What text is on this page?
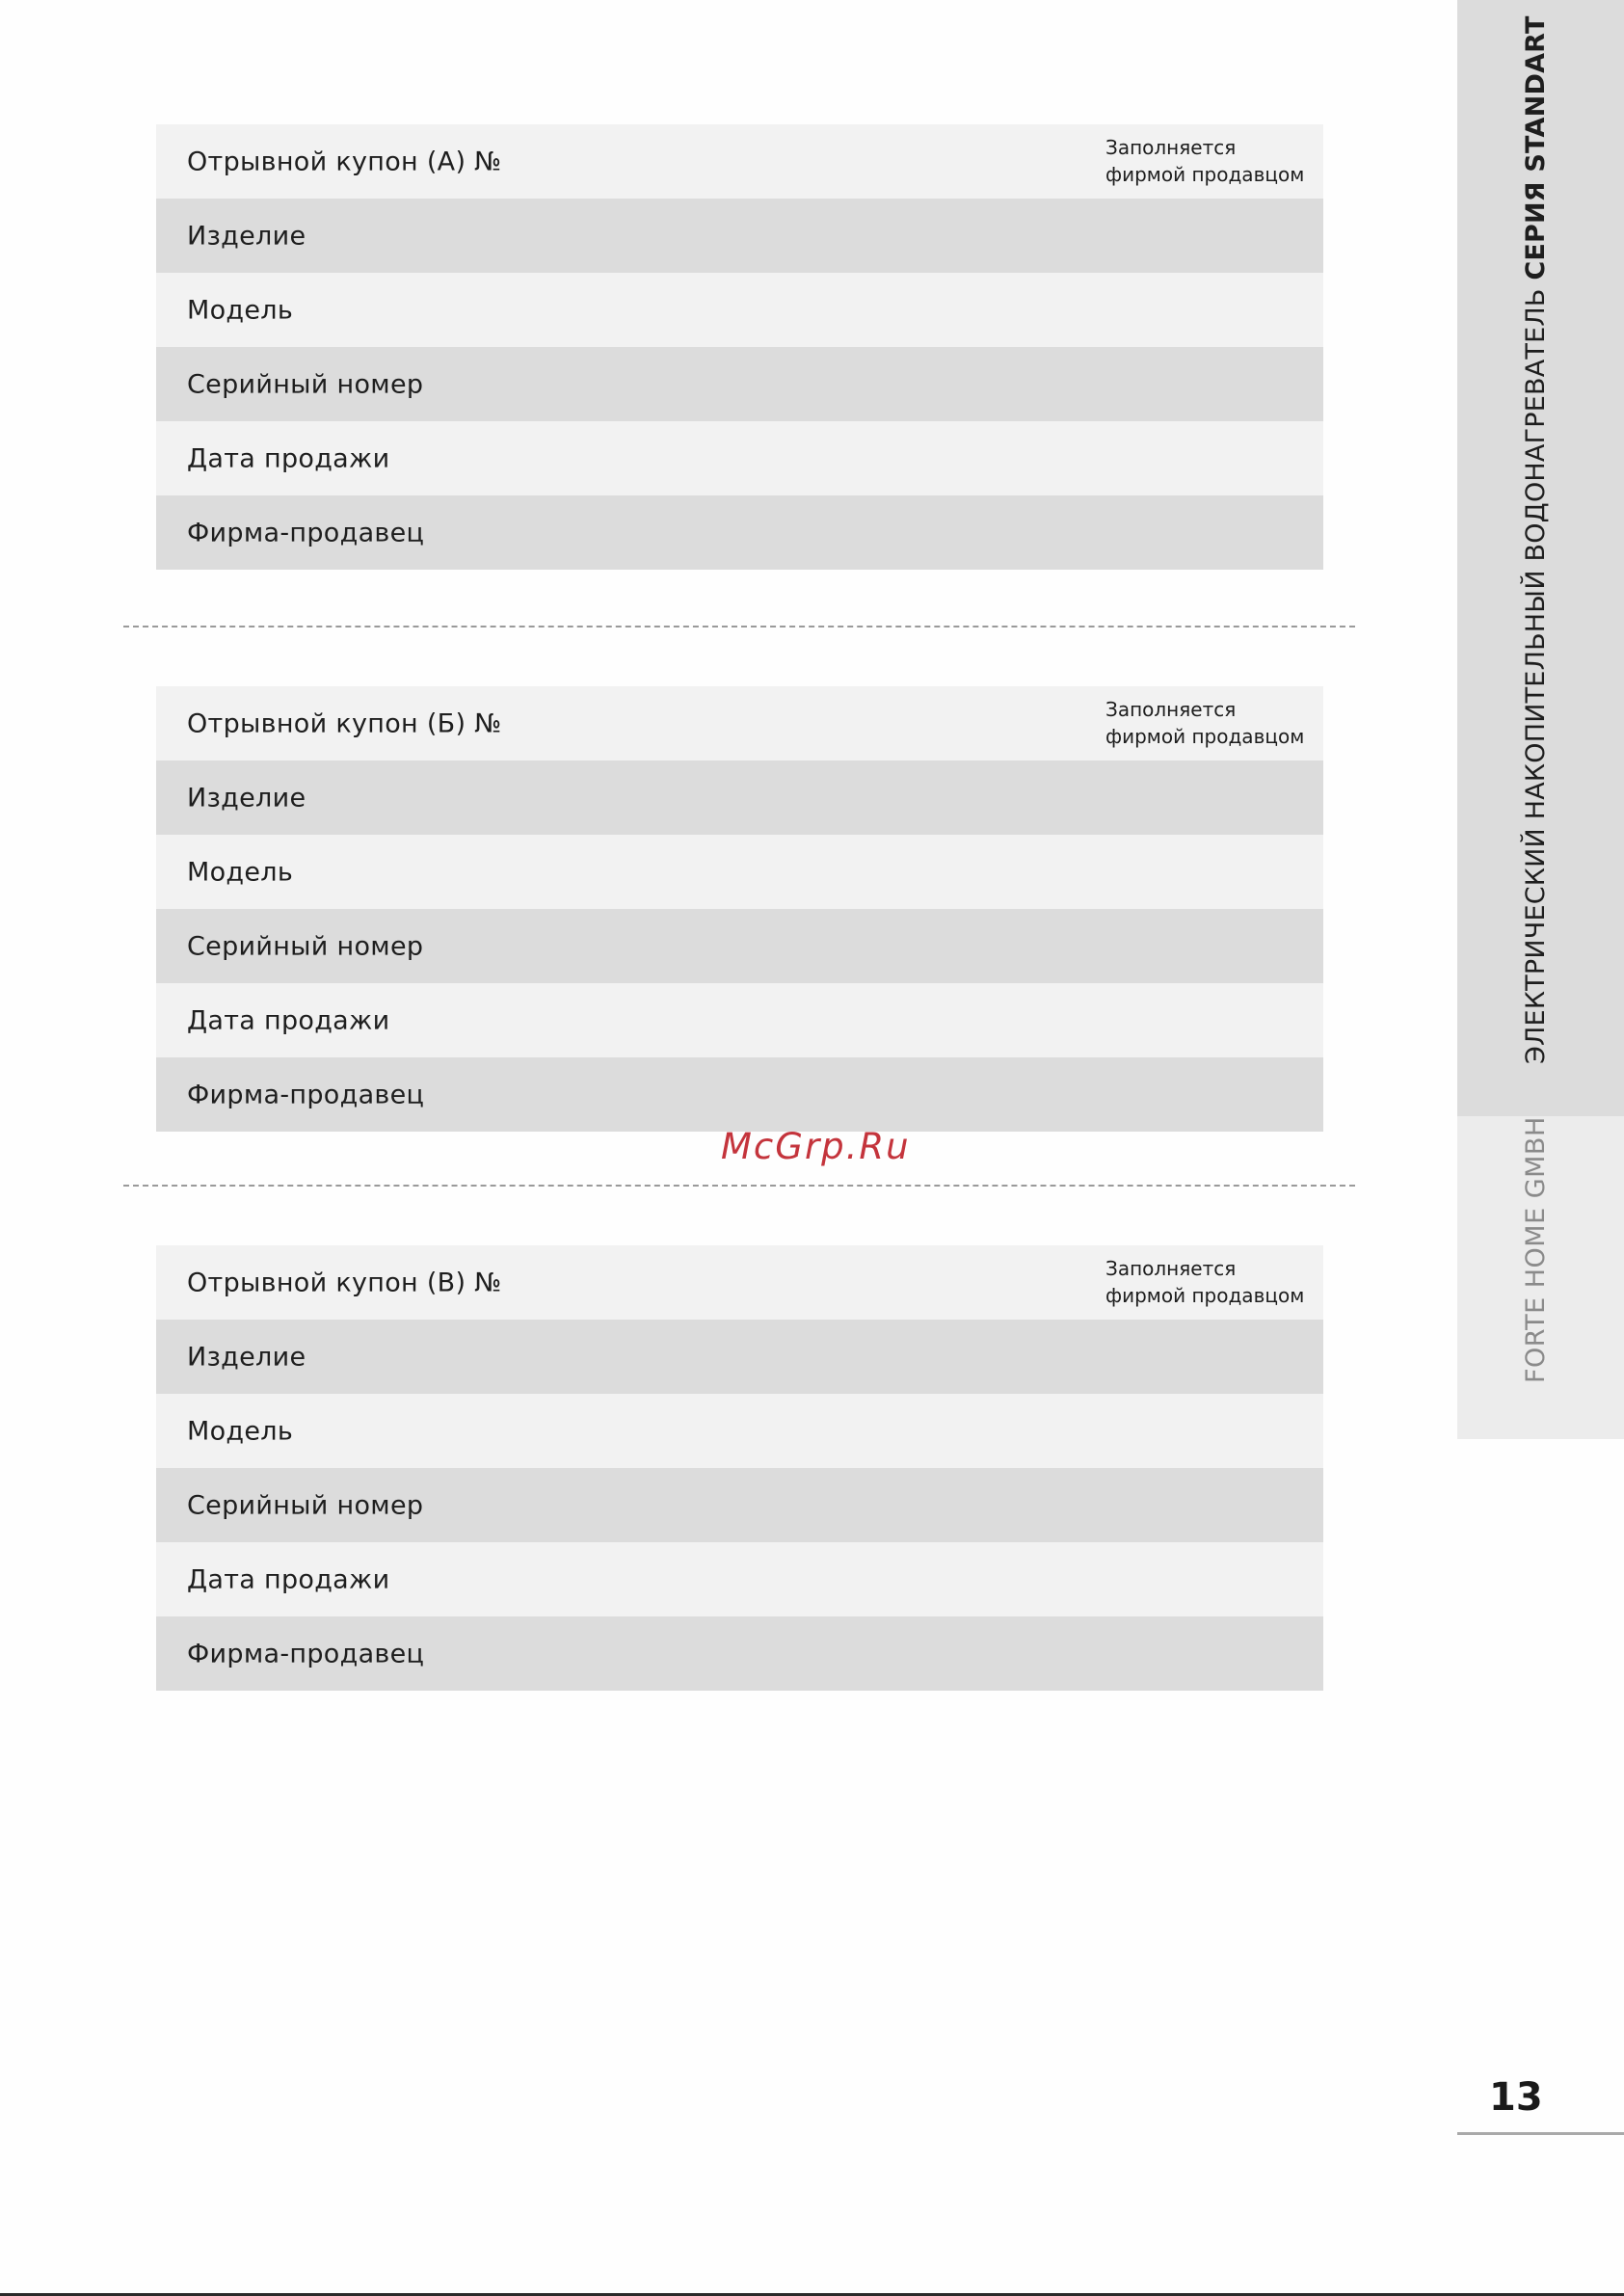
Отрывной купон (А) №	Заполняется
фирмой продавцом
Изделие
Модель
Серийный номер
Дата продажи
Фирма-продавец
Отрывной купон (Б) №	Заполняется
фирмой продавцом
Изделие
Модель
Серийный номер
Дата продажи
Фирма-продавец
McGrp.Ru
Отрывной купон (В) №	Заполняется
фирмой продавцом
Изделие
Модель
Серийный номер
Дата продажи
Фирма-продавец
ЭЛЕКТРИЧЕСКИЙ НАКОПИТЕЛЬНЫЙ ВОДОНАГРЕВАТЕЛЬ СЕРИЯ STANDART
FORTE HOME GMBH
13
